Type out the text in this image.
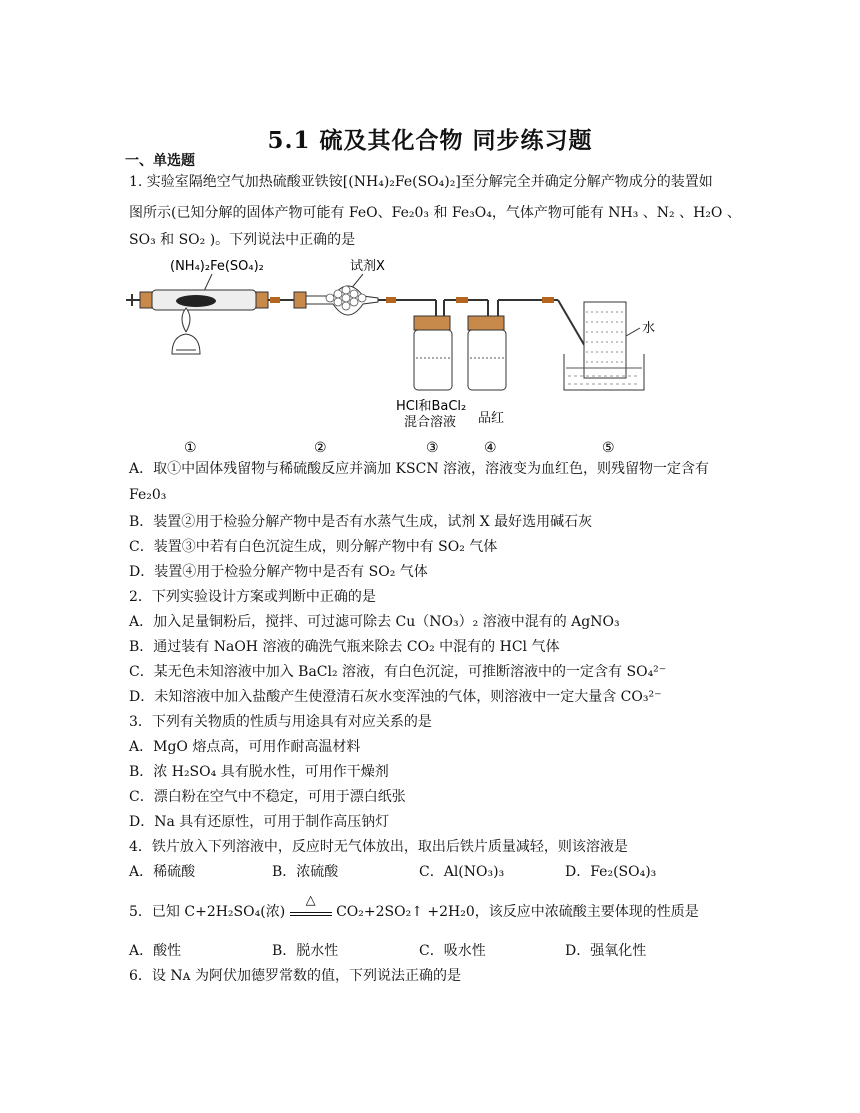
5.1 硫及其化合物 同步练习题
一、单选题
1. 实验室隔绝空气加热硫酸亚铁铵[(NH₄)₂Fe(SO₄)₂]至分解完全并确定分解产物成分的装置如
图所示(已知分解的固体产物可能有 FeO、Fe₂0₃ 和 Fe₃O₄，气体产物可能有 NH₃ 、N₂ 、H₂O 、
SO₃ 和 SO₂ )。下列说法中正确的是
(NH₄)₂Fe(SO₄)₂	试剂X
水
HCl和BaCl₂
混合溶液 品红
①	②	③	④	⑤
A．取①中固体残留物与稀硫酸反应并滴加 KSCN 溶液，溶液变为血红色，则残留物一定含有
Fe₂0₃
B．装置②用于检验分解产物中是否有水蒸气生成，试剂 X 最好选用碱石灰
C．装置③中若有白色沉淀生成，则分解产物中有 SO₂ 气体
D．装置④用于检验分解产物中是否有 SO₂ 气体
2．下列实验设计方案或判断中正确的是
A．加入足量铜粉后，搅拌、可过滤可除去 Cu（NO₃）₂ 溶液中混有的 AgNO₃
B．通过装有 NaOH 溶液的确洗气瓶来除去 CO₂ 中混有的 HCl 气体
C．某无色未知溶液中加入 BaCl₂ 溶液，有白色沉淀，可推断溶液中的一定含有 SO₄²⁻
D．未知溶液中加入盐酸产生使澄清石灰水变浑浊的气体，则溶液中一定大量含 CO₃²⁻
3．下列有关物质的性质与用途具有对应关系的是
A．MgO 熔点高，可用作耐高温材料
B．浓 H₂SO₄ 具有脱水性，可用作干燥剂
C．漂白粉在空气中不稳定，可用于漂白纸张
D．Na 具有还原性，可用于制作高压钠灯
4．铁片放入下列溶液中，反应时无气体放出，取出后铁片质量减轻，则该溶液是
A．稀硫酸	B．浓硫酸	C．Al(NO₃)₃	D．Fe₂(SO₄)₃
5．已知 C+2H₂SO₄(浓)
△
CO₂+2SO₂↑ +2H₂0，该反应中浓硫酸主要体现的性质是
A．酸性	B．脱水性	C．吸水性	D．强氧化性
6．设 Nᴀ 为阿伏加德罗常数的值，下列说法正确的是
